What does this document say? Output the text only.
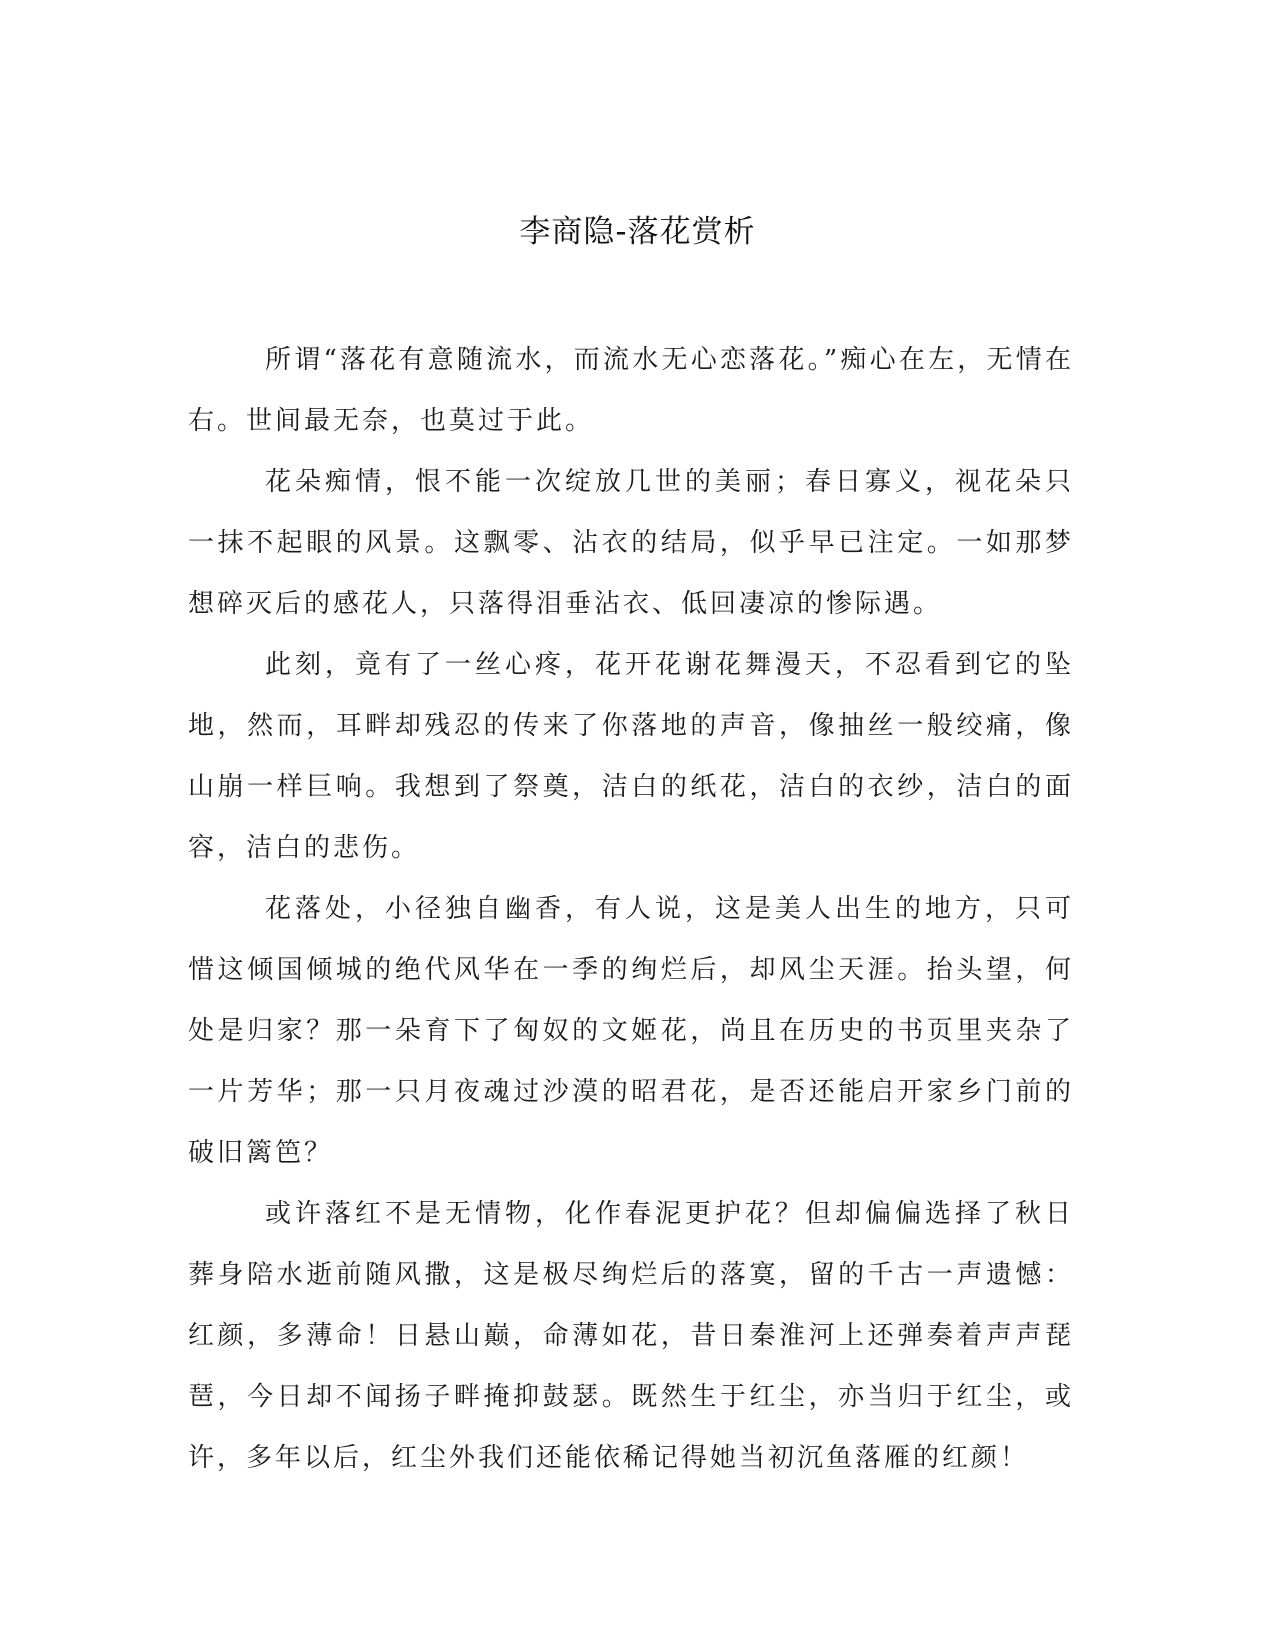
李商隐-落花赏析

所谓“落花有意随流水，而流水无心恋落花。”痴心在左，无情在右。世间最无奈，也莫过于此。

花朵痴情，恨不能一次绽放几世的美丽；春日寡义，视花朵只一抹不起眼的风景。这飘零、沾衣的结局，似乎早已注定。一如那梦想碎灭后的感花人，只落得泪垂沾衣、低回凄凉的惨际遇。

此刻，竟有了一丝心疼，花开花谢花舞漫天，不忍看到它的坠地，然而，耳畔却残忍的传来了你落地的声音，像抽丝一般绞痛，像山崩一样巨响。我想到了祭奠，洁白的纸花，洁白的衣纱，洁白的面容，洁白的悲伤。

花落处，小径独自幽香，有人说，这是美人出生的地方，只可惜这倾国倾城的绝代风华在一季的绚烂后，却风尘天涯。抬头望，何处是归家？那一朵育下了匈奴的文姬花，尚且在历史的书页里夹杂了一片芳华；那一只月夜魂过沙漠的昭君花，是否还能启开家乡门前的破旧篱笆？

或许落红不是无情物，化作春泥更护花？但却偏偏选择了秋日葬身陪水逝前随风撒，这是极尽绚烂后的落寞，留的千古一声遗憾：红颜，多薄命！日悬山巅，命薄如花，昔日秦淮河上还弹奏着声声琵琶，今日却不闻扬子畔掩抑鼓瑟。既然生于红尘，亦当归于红尘，或许，多年以后，红尘外我们还能依稀记得她当初沉鱼落雁的红颜！
